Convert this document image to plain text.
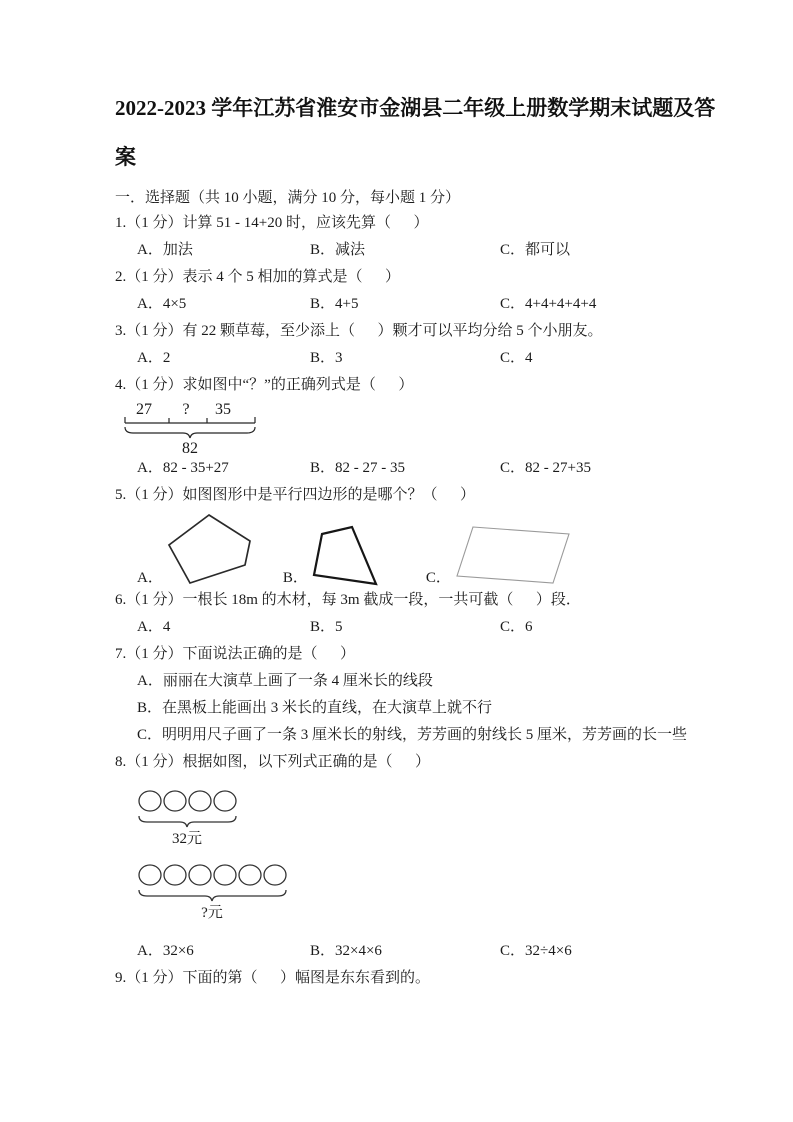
2022-2023 学年江苏省淮安市金湖县二年级上册数学期末试题及答案
一．选择题（共 10 小题，满分 10 分，每小题 1 分）
1.（1 分）计算 51 - 14+20 时，应该先算（      ）
A．加法	B．减法	C．都可以
2.（1 分）表示 4 个 5 相加的算式是（      ）
A．4×5	B．4+5	C．4+4+4+4+4
3.（1 分）有 22 颗草莓，至少添上（      ）颗才可以平均分给 5 个小朋友。
A．2	B．3	C．4
4.（1 分）求如图中“？”的正确列式是（      ）
27 ? 35
82
A．82 - 35+27	B．82 - 27 - 35	C．82 - 27+35
5.（1 分）如图图形中是平行四边形的是哪个？（      ）
A．	B．	C．
6.（1 分）一根长 18m 的木材，每 3m 截成一段，一共可截（      ）段．
A．4	B．5	C．6
7.（1 分）下面说法正确的是（      ）
A．丽丽在大演草上画了一条 4 厘米长的线段
B．在黑板上能画出 3 米长的直线，在大演草上就不行
C．明明用尺子画了一条 3 厘米长的射线，芳芳画的射线长 5 厘米，芳芳画的长一些
8.（1 分）根据如图，以下列式正确的是（      ）
32元
?元
A．32×6	B．32×4×6	C．32÷4×6
9.（1 分）下面的第（      ）幅图是东东看到的。
